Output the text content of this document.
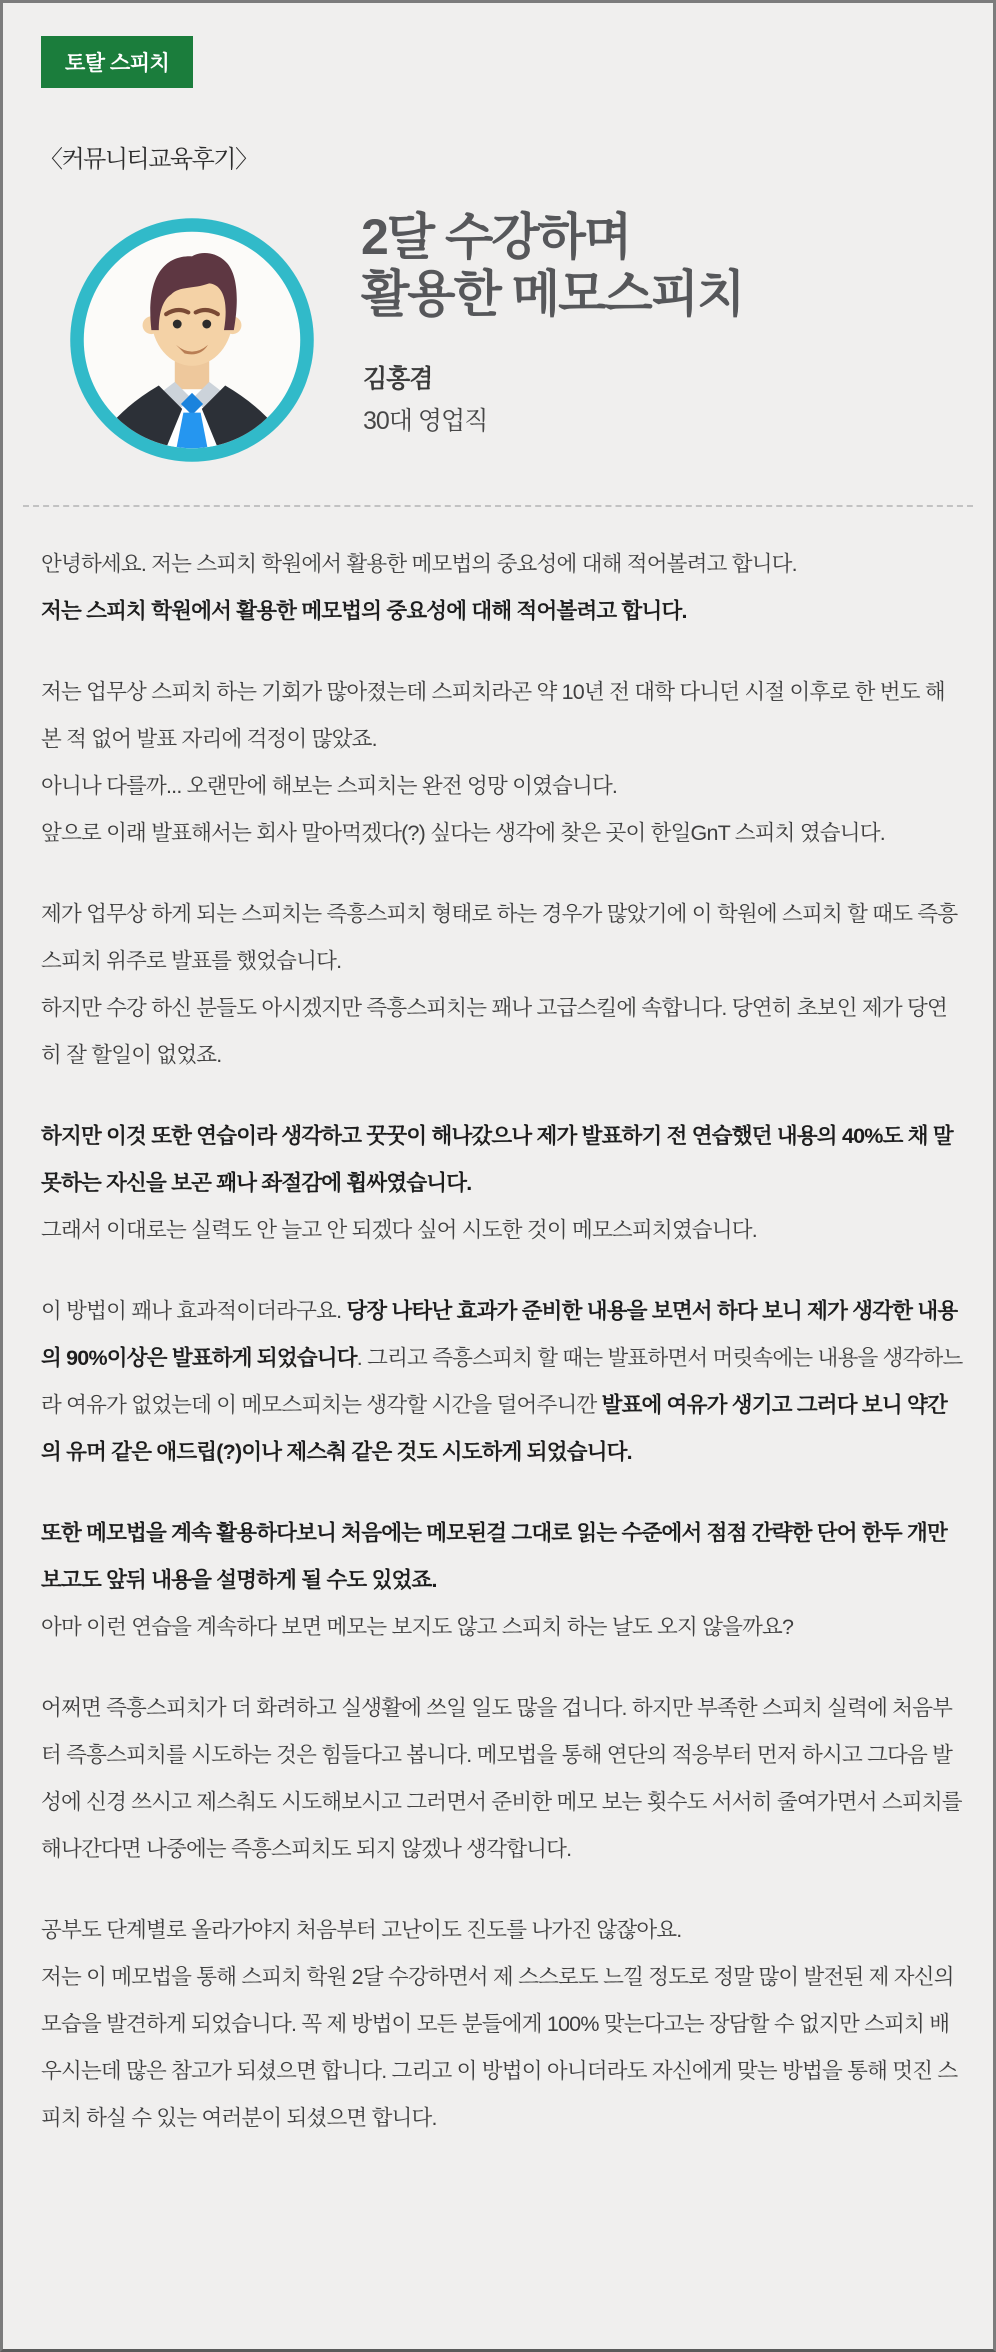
토탈 스피치
〈커뮤니티교육후기〉
2달 수강하며
활용한 메모스피치
김홍겸
30대 영업직

안녕하세요. 저는 스피치 학원에서 활용한 메모법의 중요성에 대해 적어볼려고 합니다.
저는 스피치 학원에서 활용한 메모법의 중요성에 대해 적어볼려고 합니다.

저는 업무상 스피치 하는 기회가 많아졌는데 스피치라곤 약 10년 전 대학 다니던 시절 이후로 한 번도 해본 적 없어 발표 자리에 걱정이 많았죠.
아니나 다를까... 오랜만에 해보는 스피치는 완전 엉망 이였습니다.
앞으로 이래 발표해서는 회사 말아먹겠다(?) 싶다는 생각에 찾은 곳이 한일GnT 스피치 였습니다.

제가 업무상 하게 되는 스피치는 즉흥스피치 형태로 하는 경우가 많았기에 이 학원에 스피치 할 때도 즉흥스피치 위주로 발표를 했었습니다.
하지만 수강 하신 분들도 아시겠지만 즉흥스피치는 꽤나 고급스킬에 속합니다. 당연히 초보인 제가 당연히 잘 할일이 없었죠.

하지만 이것 또한 연습이라 생각하고 꿋꿋이 해나갔으나 제가 발표하기 전 연습했던 내용의 40%도 채 말 못하는 자신을 보곤 꽤나 좌절감에 휩싸였습니다.
그래서 이대로는 실력도 안 늘고 안 되겠다 싶어 시도한 것이 메모스피치였습니다.

이 방법이 꽤나 효과적이더라구요. 당장 나타난 효과가 준비한 내용을 보면서 하다 보니 제가 생각한 내용의 90%이상은 발표하게 되었습니다. 그리고 즉흥스피치 할 때는 발표하면서 머릿속에는 내용을 생각하느라 여유가 없었는데 이 메모스피치는 생각할 시간을 덜어주니깐 발표에 여유가 생기고 그러다 보니 약간의 유머 같은 애드립(?)이나 제스춰 같은 것도 시도하게 되었습니다.

또한 메모법을 계속 활용하다보니 처음에는 메모된걸 그대로 읽는 수준에서 점점 간략한 단어 한두 개만 보고도 앞뒤 내용을 설명하게 될 수도 있었죠.
아마 이런 연습을 계속하다 보면 메모는 보지도 않고 스피치 하는 날도 오지 않을까요?

어쩌면 즉흥스피치가 더 화려하고 실생활에 쓰일 일도 많을 겁니다. 하지만 부족한 스피치 실력에 처음부터 즉흥스피치를 시도하는 것은 힘들다고 봅니다. 메모법을 통해 연단의 적응부터 먼저 하시고 그다음 발성에 신경 쓰시고 제스춰도 시도해보시고 그러면서 준비한 메모 보는 횟수도 서서히 줄여가면서 스피치를 해나간다면 나중에는 즉흥스피치도 되지 않겠나 생각합니다.

공부도 단계별로 올라가야지 처음부터 고난이도 진도를 나가진 않잖아요.
저는 이 메모법을 통해 스피치 학원 2달 수강하면서 제 스스로도 느낄 정도로 정말 많이 발전된 제 자신의 모습을 발견하게 되었습니다. 꼭 제 방법이 모든 분들에게 100% 맞는다고는 장담할 수 없지만 스피치 배우시는데 많은 참고가 되셨으면 합니다. 그리고 이 방법이 아니더라도 자신에게 맞는 방법을 통해 멋진 스피치 하실 수 있는 여러분이 되셨으면 합니다.
